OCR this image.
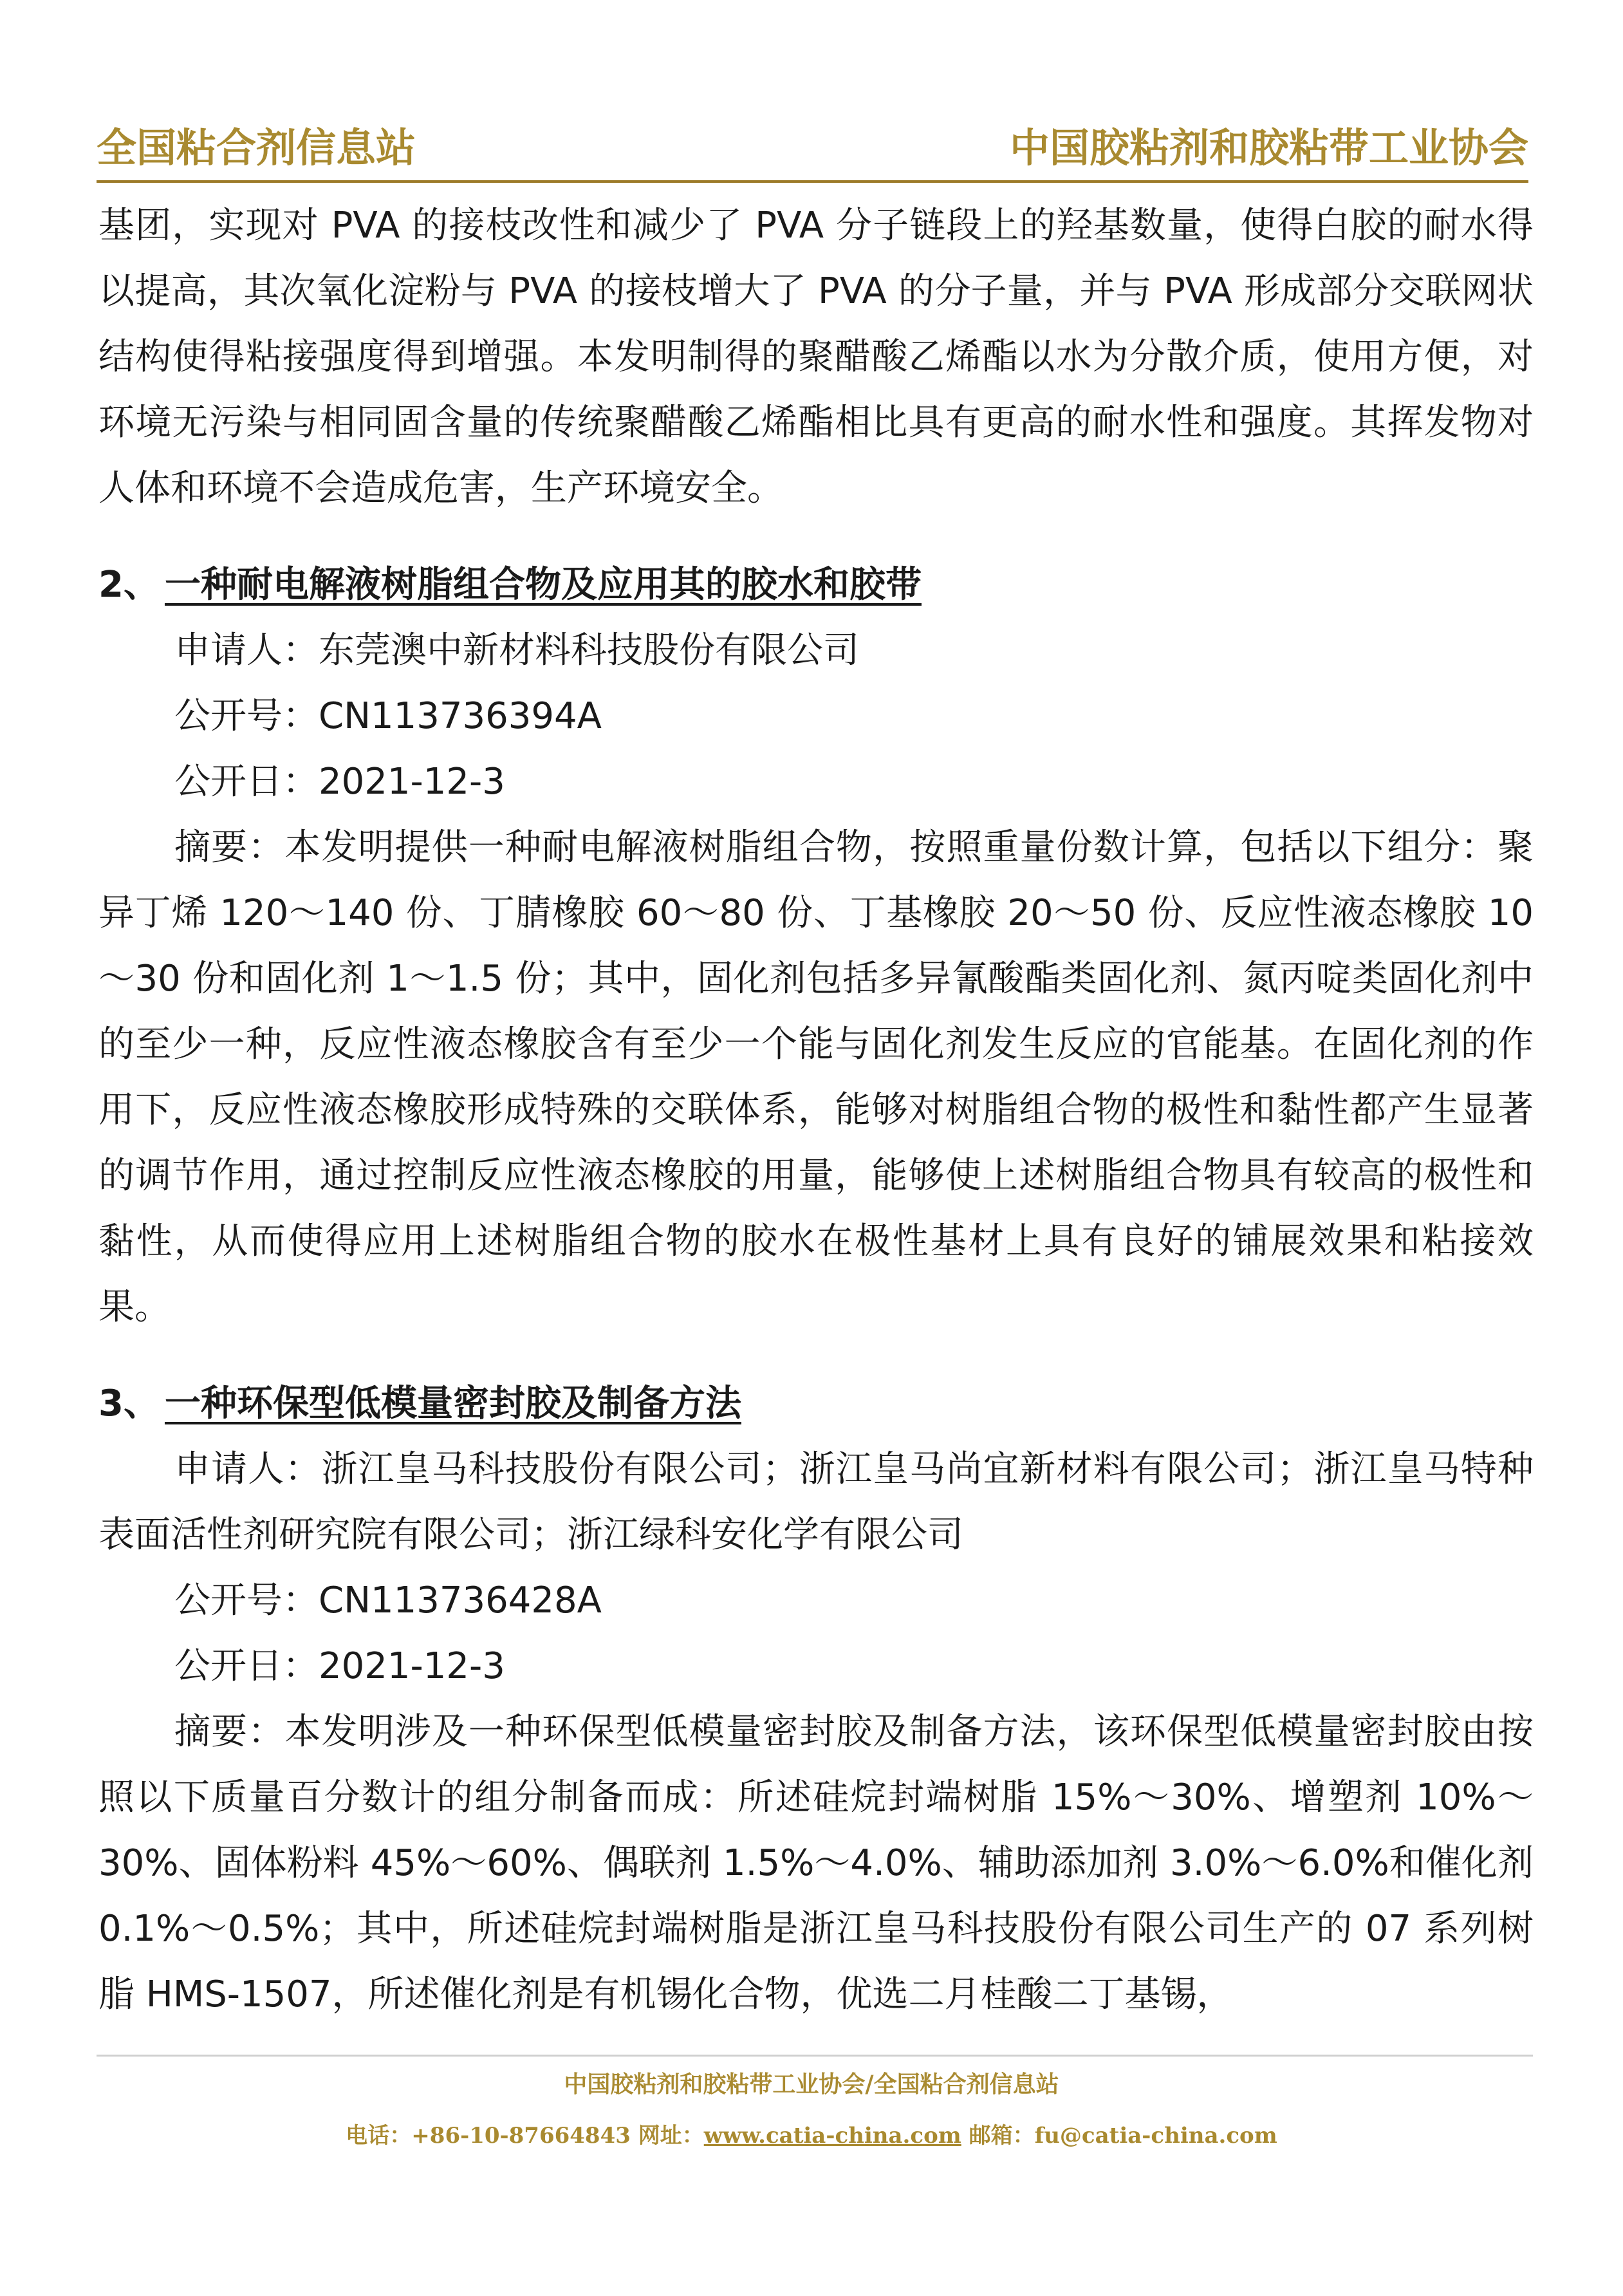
全国粘合剂信息站	中国胶粘剂和胶粘带工业协会

基团，实现对 PVA 的接枝改性和减少了 PVA 分子链段上的羟基数量，使得白胶的耐水得以提高，其次氧化淀粉与 PVA 的接枝增大了 PVA 的分子量，并与 PVA 形成部分交联网状结构使得粘接强度得到增强。本发明制得的聚醋酸乙烯酯以水为分散介质，使用方便，对环境无污染与相同固含量的传统聚醋酸乙烯酯相比具有更高的耐水性和强度。其挥发物对人体和环境不会造成危害，生产环境安全。

2、 一种耐电解液树脂组合物及应用其的胶水和胶带

申请人：东莞澳中新材料科技股份有限公司

公开号：CN113736394A

公开日：2021-12-3

摘要：本发明提供一种耐电解液树脂组合物，按照重量份数计算，包括以下组分：聚异丁烯 120～140 份、丁腈橡胶 60～80 份、丁基橡胶 20～50 份、反应性液态橡胶 10～30 份和固化剂 1～1.5 份；其中，固化剂包括多异氰酸酯类固化剂、氮丙啶类固化剂中的至少一种，反应性液态橡胶含有至少一个能与固化剂发生反应的官能基。在固化剂的作用下，反应性液态橡胶形成特殊的交联体系，能够对树脂组合物的极性和黏性都产生显著的调节作用，通过控制反应性液态橡胶的用量，能够使上述树脂组合物具有较高的极性和黏性，从而使得应用上述树脂组合物的胶水在极性基材上具有良好的铺展效果和粘接效果。

3、 一种环保型低模量密封胶及制备方法

申请人：浙江皇马科技股份有限公司；浙江皇马尚宜新材料有限公司；浙江皇马特种表面活性剂研究院有限公司；浙江绿科安化学有限公司

公开号：CN113736428A

公开日：2021-12-3

摘要：本发明涉及一种环保型低模量密封胶及制备方法，该环保型低模量密封胶由按照以下质量百分数计的组分制备而成：所述硅烷封端树脂 15%～30%、增塑剂 10%～30%、固体粉料 45%～60%、偶联剂 1.5%～4.0%、辅助添加剂 3.0%～6.0%和催化剂 0.1%～0.5%；其中，所述硅烷封端树脂是浙江皇马科技股份有限公司生产的 07 系列树脂 HMS-1507，所述催化剂是有机锡化合物，优选二月桂酸二丁基锡，

中国胶粘剂和胶粘带工业协会/全国粘合剂信息站
电话：+86-10-87664843 网址：www.catia-china.com 邮箱：fu@catia-china.com
